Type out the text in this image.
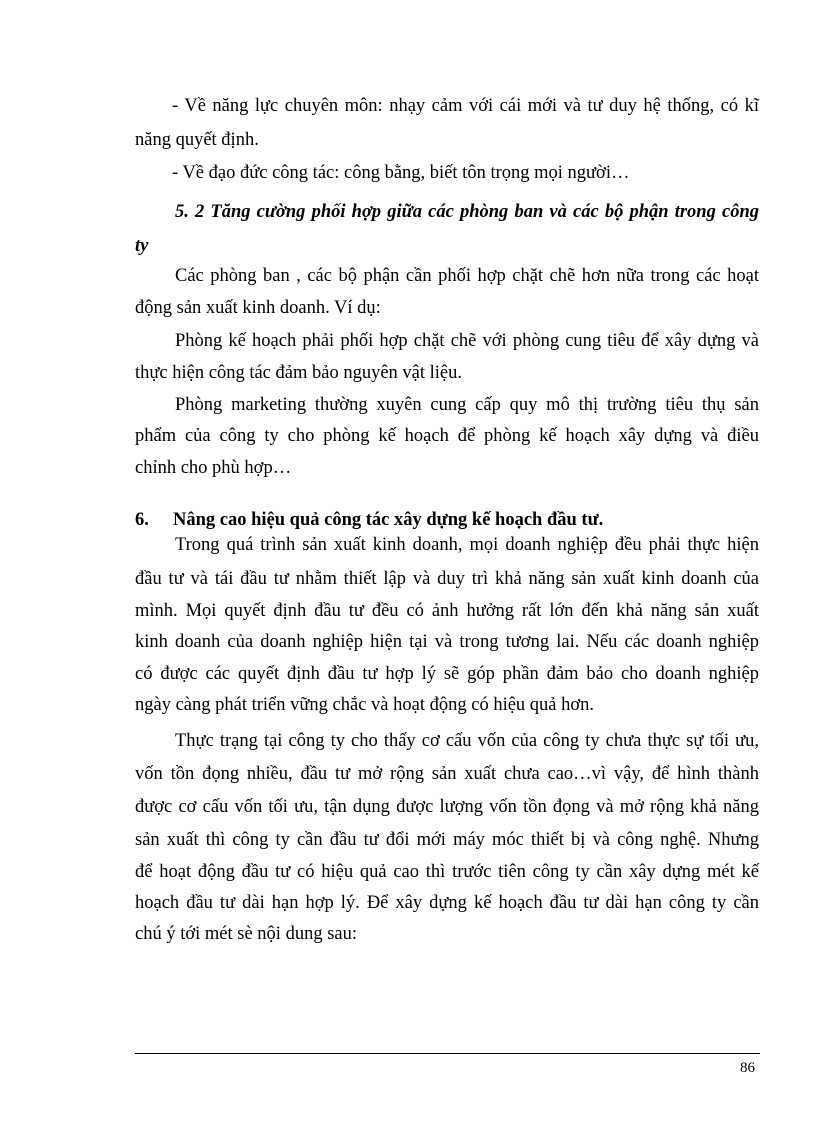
‐ Về năng lực chuyên môn: nhạy cảm với cái mới và tư duy hệ thống, có kĩ
năng quyết định.
‐ Về đạo đức công tác: công bằng, biết tôn trọng mọi người…
5. 2 Tăng cường phối hợp giữa các phòng ban và các bộ phận trong công
ty
Các phòng ban , các bộ phận cần phối hợp chặt chẽ hơn nữa trong các hoạt
động sản xuất kinh doanh. Ví dụ:
Phòng kế hoạch phải phối hợp chặt chẽ với phòng cung tiêu để xây dựng và
thực hiện công tác đảm bảo nguyên vật liệu.
Phòng marketing thường xuyên cung cấp quy mô thị trường tiêu thụ sản
phẩm của công ty cho phòng kế hoạch để phòng kế hoạch xây dựng và điều
chỉnh cho phù hợp…
6. Nâng cao hiệu quả công tác xây dựng kế hoạch đầu tư.
Trong quá trình sản xuất kinh doanh, mọi doanh nghiệp đều phải thực hiện
đầu tư và tái đầu tư nhằm thiết lập và duy trì khả năng sản xuất kinh doanh của
mình. Mọi quyết định đầu tư đều có ảnh hưởng rất lớn đến khả năng sản xuất
kinh doanh của doanh nghiệp hiện tại và trong tương lai. Nếu các doanh nghiệp
có được các quyết định đầu tư hợp lý sẽ góp phần đảm bảo cho doanh nghiệp
ngày càng phát triển vững chắc và hoạt động có hiệu quả hơn.
Thực trạng tại công ty cho thấy cơ cấu vốn của công ty chưa thực sự tối ưu,
vốn tồn đọng nhiều, đầu tư mở rộng sản xuất chưa cao…vì vậy, để hình thành
được cơ cấu vốn tối ưu, tận dụng được lượng vốn tồn đọng và mở rộng khả năng
sản xuất thì công ty cần đầu tư đổi mới máy móc thiết bị và công nghệ. Nhưng
để hoạt động đầu tư có hiệu quả cao thì trước tiên công ty cần xây dựng mét kế
hoạch đầu tư dài hạn hợp lý. Để xây dựng kế hoạch đầu tư dài hạn công ty cần
chú ý tới mét sè nội dung sau:
86
